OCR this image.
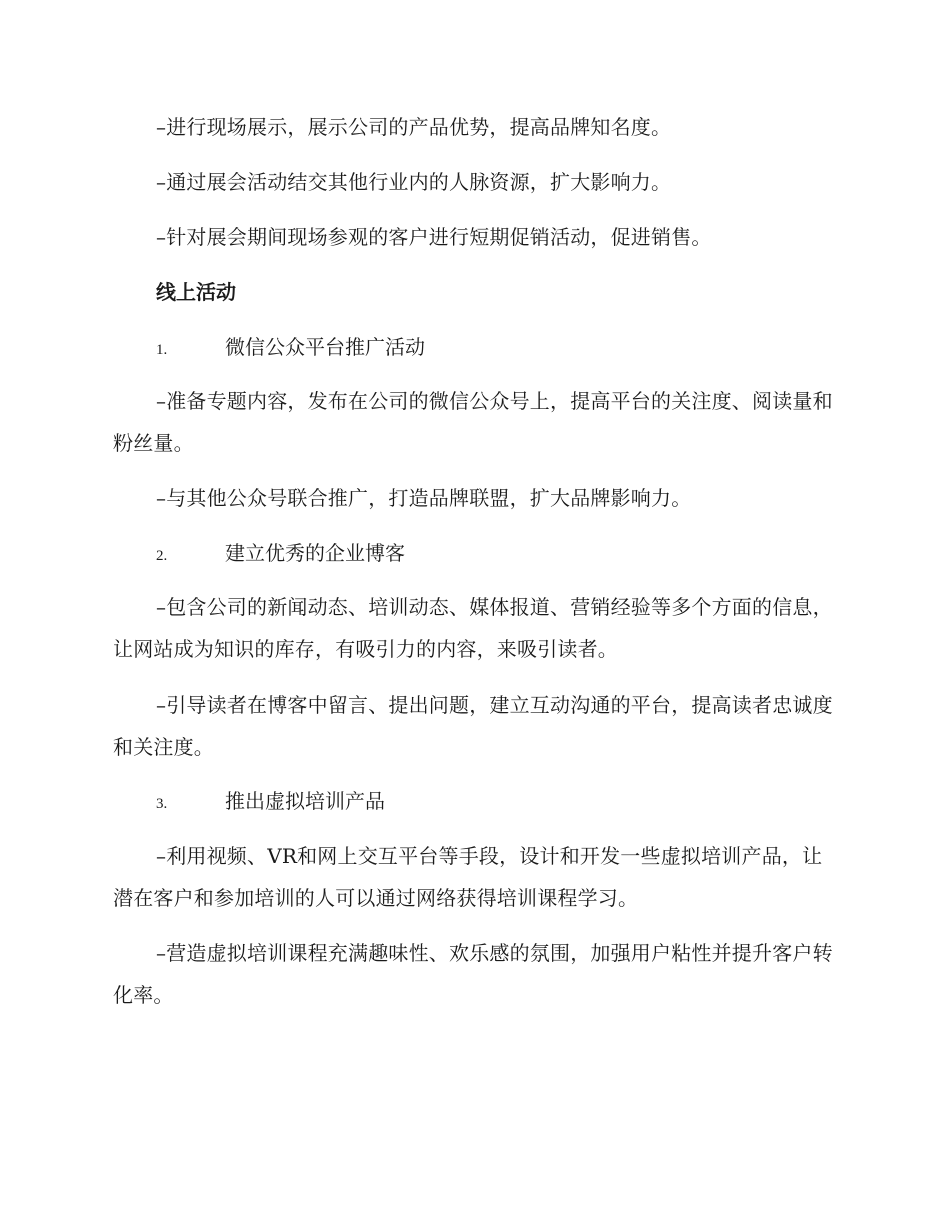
–进行现场展示，展示公司的产品优势，提高品牌知名度。

–通过展会活动结交其他行业内的人脉资源，扩大影响力。

–针对展会期间现场参观的客户进行短期促销活动，促进销售。

线上活动
1.	微信公众平台推广活动

–准备专题内容，发布在公司的微信公众号上，提高平台的关注度、阅读量和粉丝量。

–与其他公众号联合推广，打造品牌联盟，扩大品牌影响力。

2.	建立优秀的企业博客

–包含公司的新闻动态、培训动态、媒体报道、营销经验等多个方面的信息，让网站成为知识的库存，有吸引力的内容，来吸引读者。

–引导读者在博客中留言、提出问题，建立互动沟通的平台，提高读者忠诚度和关注度。

3.	推出虚拟培训产品

–利用视频、VR和网上交互平台等手段，设计和开发一些虚拟培训产品，让潜在客户和参加培训的人可以通过网络获得培训课程学习。

–营造虚拟培训课程充满趣味性、欢乐感的氛围，加强用户粘性并提升客户转化率。
